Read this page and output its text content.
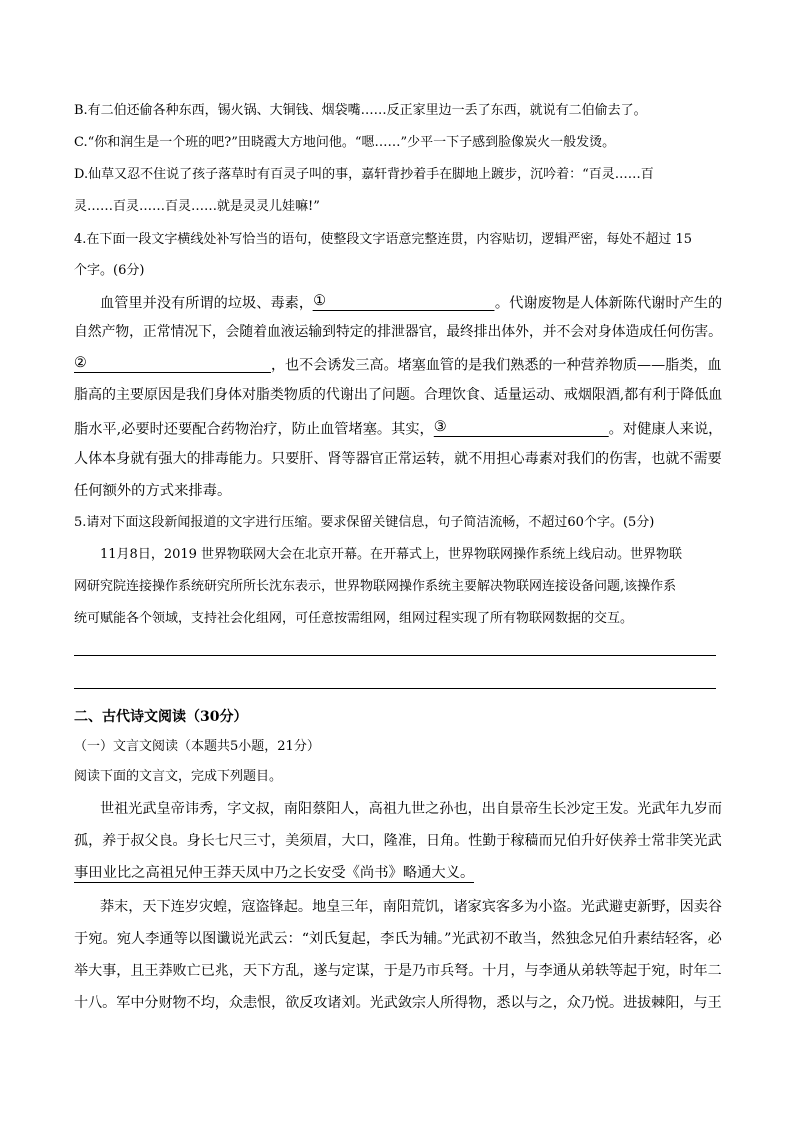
B.有二伯还偷各种东西，锡火锅、大铜钱、烟袋嘴……反正家里边一丢了东西，就说有二伯偷去了。
C.“你和润生是一个班的吧?”田晓霞大方地问他。“嗯……”少平一下子感到脸像炭火一般发烫。
D.仙草又忍不住说了孩子落草时有百灵子叫的事，嘉轩背抄着手在脚地上踱步，沉吟着：“百灵……百
灵……百灵……百灵……就是灵灵儿娃嘛!”
4.在下面一段文字横线处补写恰当的语句，使整段文字语意完整连贯，内容贴切，逻辑严密，每处不超过 15
个字。(6分)
血管里并没有所谓的垃圾、毒素，①	。代谢废物是人体新陈代谢时产生的
自然产物，正常情况下，会随着血液运输到特定的排泄器官，最终排出体外，并不会对身体造成任何伤害。
②	，也不会诱发三高。堵塞血管的是我们熟悉的一种营养物质——脂类，血
脂高的主要原因是我们身体对脂类物质的代谢出了问题。合理饮食、适量运动、戒烟限酒,都有利于降低血
脂水平,必要时还要配合药物治疗，防止血管堵塞。其实，③	。对健康人来说，
人体本身就有强大的排毒能力。只要肝、肾等器官正常运转，就不用担心毒素对我们的伤害，也就不需要
任何额外的方式来排毒。
5.请对下面这段新闻报道的文字进行压缩。要求保留关键信息，句子简洁流畅，不超过60个字。(5分)
11月8日，2019 世界物联网大会在北京开幕。在开幕式上，世界物联网操作系统上线启动。世界物联
网研究院连接操作系统研究所所长沈东表示，世界物联网操作系统主要解决物联网连接设备问题,该操作系
统可赋能各个领域，支持社会化组网，可任意按需组网，组网过程实现了所有物联网数据的交互。
二、古代诗文阅读（30分）
（一）文言文阅读（本题共5小题，21分）
阅读下面的文言文，完成下列题目。
世祖光武皇帝讳秀，字文叔，南阳蔡阳人，高祖九世之孙也，出自景帝生长沙定王发。光武年九岁而
孤，养于叔父良。身长七尺三寸，美须眉，大口，隆准，日角。性勤于稼穑而兄伯升好侠养士常非笑光武
事田业比之高祖兄仲王莽天凤中乃之长安受《尚书》略通大义。
莽末，天下连岁灾蝗，寇盗锋起。地皇三年，南阳荒饥，诸家宾客多为小盗。光武避吏新野，因卖谷
于宛。宛人李通等以图谶说光武云：“刘氏复起，李氏为辅。”光武初不敢当，然独念兄伯升素结轻客，必
举大事，且王莽败亡已兆，天下方乱，遂与定谋，于是乃市兵弩。十月，与李通从弟轶等起于宛，时年二
十八。军中分财物不均，众恚恨，欲反攻诸刘。光武敛宗人所得物，悉以与之，众乃悦。进拔棘阳，与王
